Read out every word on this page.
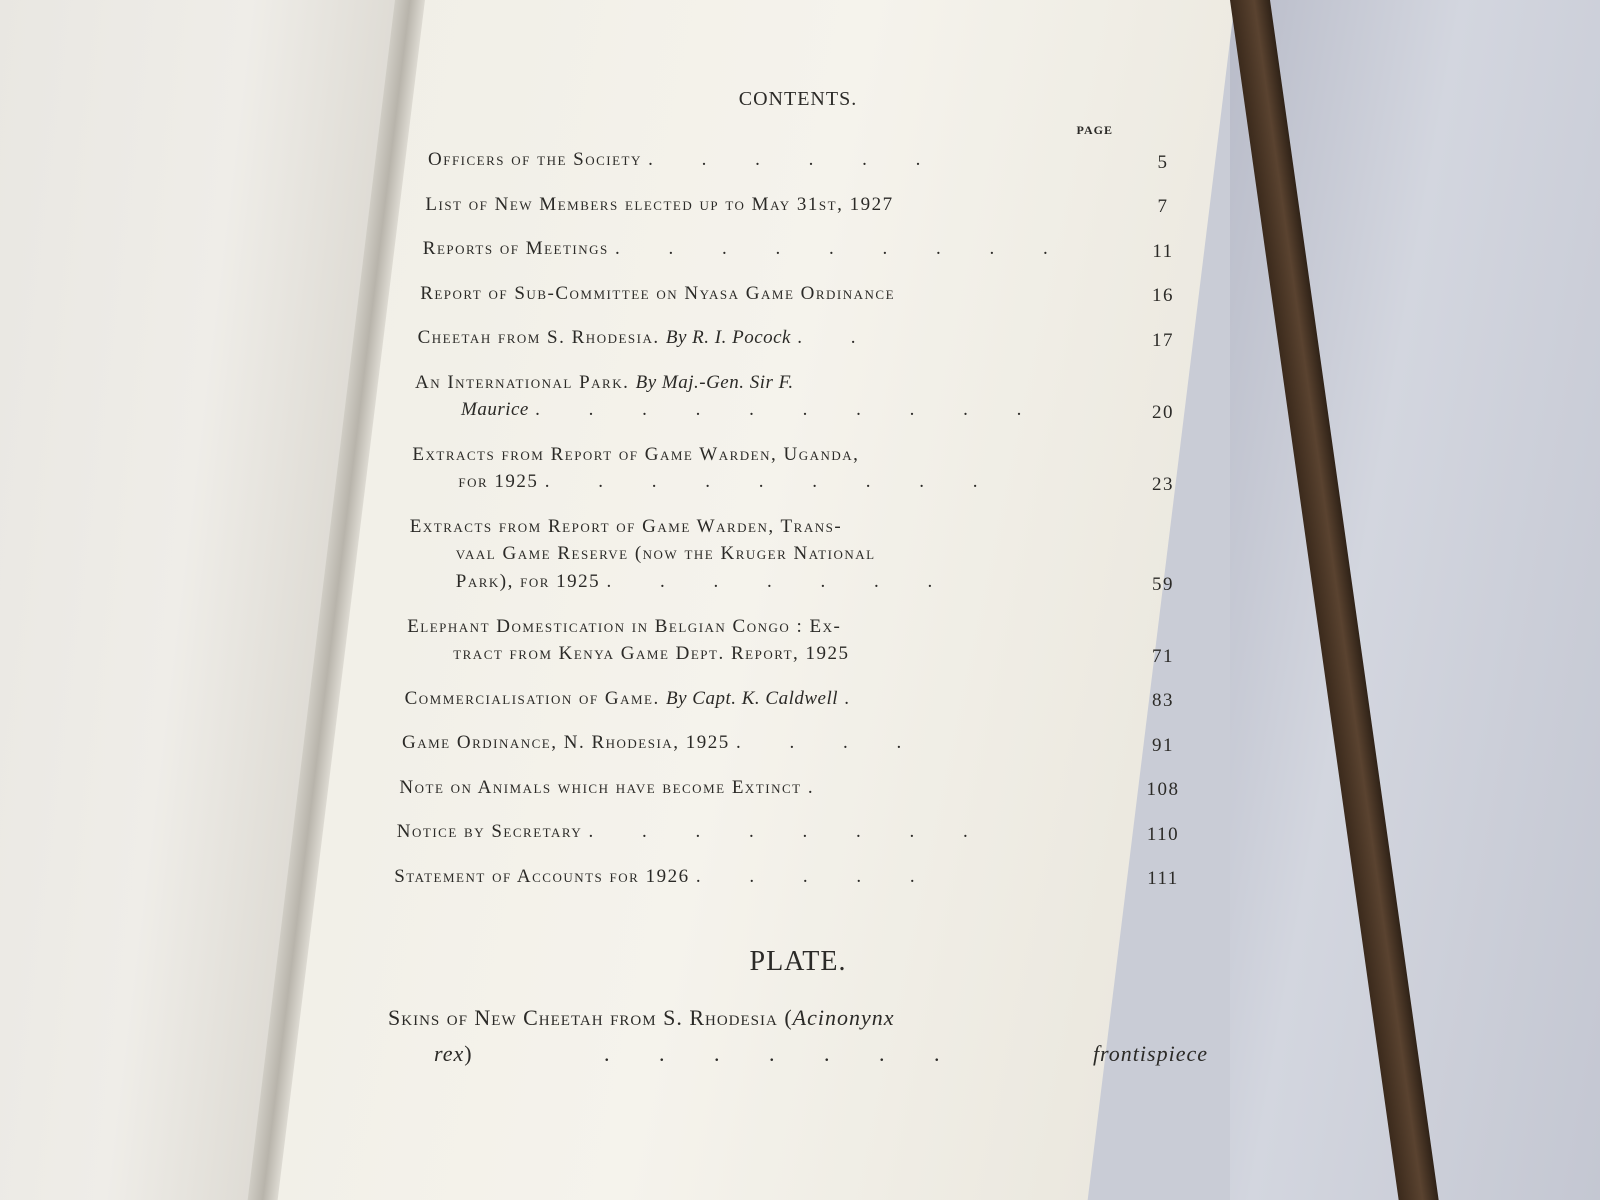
CONTENTS.
PAGE
Officers of the Society . . . . . .	5
List of New Members elected up to May 31st, 1927	7
Reports of Meetings . . . . . . . . .	11
Report of Sub-Committee on Nyasa Game Ordinance	16
Cheetah from S. Rhodesia. By R. I. Pocock . .	17
An International Park. By Maj.-Gen. Sir F.
Maurice . . . . . . . . . .	20
Extracts from Report of Game Warden, Uganda,
for 1925 . . . . . . . . .	23
Extracts from Report of Game Warden, Trans-
vaal Game Reserve (now the Kruger National
Park), for 1925 . . . . . . .	59
Elephant Domestication in Belgian Congo : Ex-
tract from Kenya Game Dept. Report, 1925	71
Commercialisation of Game. By Capt. K. Caldwell .	83
Game Ordinance, N. Rhodesia, 1925 . . . .	91
Note on Animals which have become Extinct .	108
Notice by Secretary . . . . . . . .	110
Statement of Accounts for 1926 . . . . .	111
PLATE.
Skins of New Cheetah from S. Rhodesia (Acinonynx
rex)	. . . . . . .	frontispiece
